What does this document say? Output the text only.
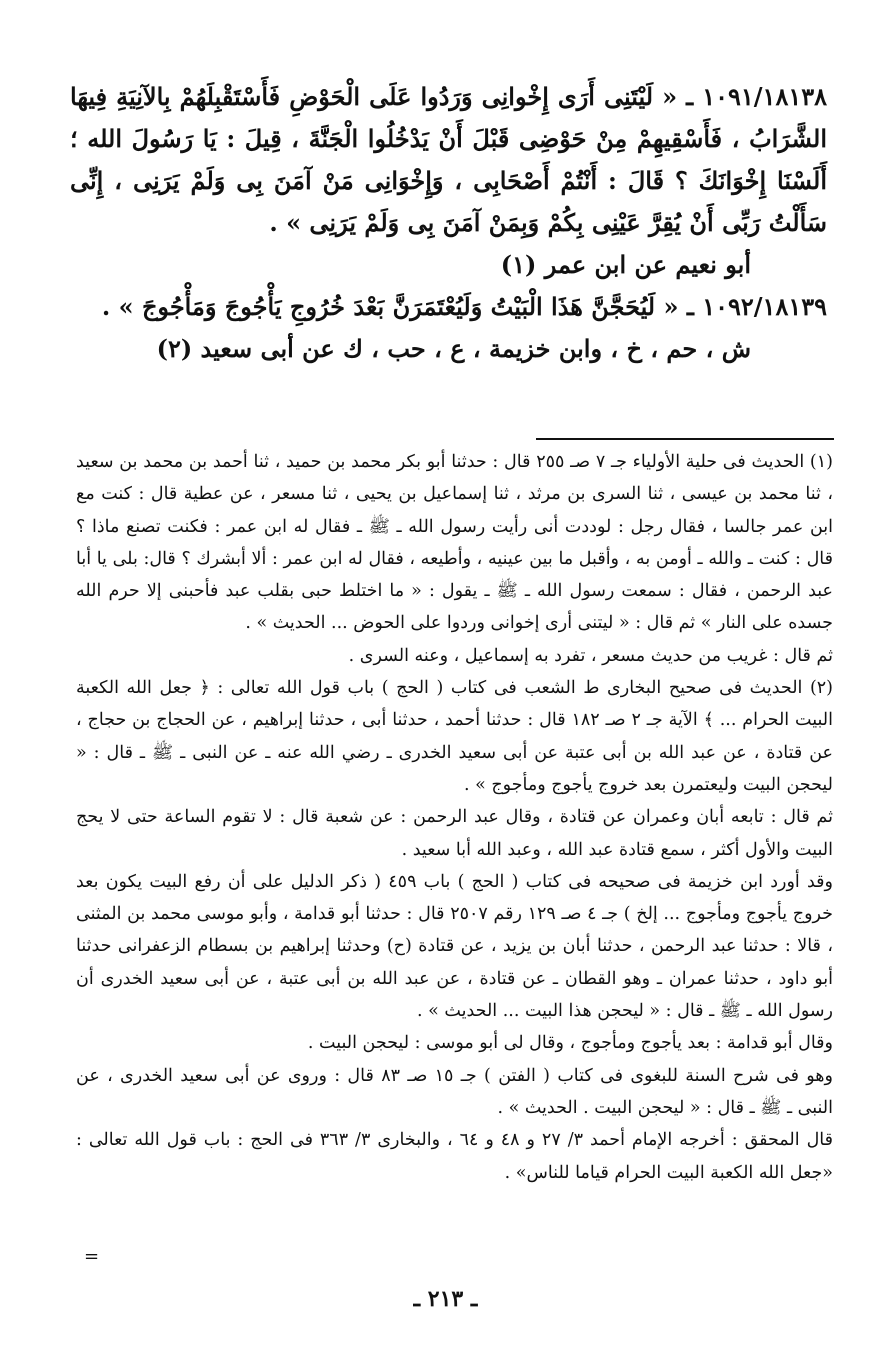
١٠٩١/١٨١٣٨ ـ « لَيْتَنِى أَرَى إِخْوانِى وَرَدُوا عَلَى الْحَوْضِ فَأَسْتَقْبِلَهُمْ بِالآنِيَةِ فِيهَا الشَّرَابُ ، فَأَسْقِيهِمْ مِنْ حَوْضِى قَبْلَ أَنْ يَدْخُلُوا الْجَنَّةَ ، قِيلَ : يَا رَسُولَ الله ؛ أَلَسْنَا إِخْوَانَكَ ؟ قَالَ : أَنْتُمْ أَصْحَابِى ، وَإِخْوَانِى مَنْ آمَنَ بِى وَلَمْ يَرَنِى ، إِنِّى سَأَلْتُ رَبِّى أَنْ يُقِرَّ عَيْنِى بِكُمْ وَبِمَنْ آمَنَ بِى وَلَمْ يَرَنِى » .

أبو نعيم عن ابن عمر (١)

١٠٩٢/١٨١٣٩ ـ « لَيُحَجَّنَّ هَذَا الْبَيْتُ وَلَيُعْتَمَرَنَّ بَعْدَ خُرُوجِ يَأْجُوجَ وَمَأْجُوجَ » .

ش ، حم ، خ ، وابن خزيمة ، ع ، حب ، ك عن أبى سعيد (٢)

(١) الحديث فى حلية الأولياء جـ ٧ صـ ٢٥٥ قال : حدثنا أبو بكر محمد بن حميد ، ثنا أحمد بن محمد بن سعيد ، ثنا محمد بن عيسى ، ثنا السرى بن مرثد ، ثنا إسماعيل بن يحيى ، ثنا مسعر ، عن عطية قال : كنت مع ابن عمر جالسا ، فقال رجل : لوددت أنى رأيت رسول الله ـ ﷺ ـ فقال له ابن عمر : فكنت تصنع ماذا ؟ قال : كنت ـ والله ـ أومن به ، وأقبل ما بين عينيه ، وأطيعه ، فقال له ابن عمر : ألا أبشرك ؟ قال: بلى يا أبا عبد الرحمن ، فقال : سمعت رسول الله ـ ﷺ ـ يقول : « ما اختلط حبى بقلب عبد فأحبنى إلا حرم الله جسده على النار » ثم قال : « ليتنى أرى إخوانى وردوا على الحوض ... الحديث » .

ثم قال : غريب من حديث مسعر ، تفرد به إسماعيل ، وعنه السرى .

(٢) الحديث فى صحيح البخارى ط الشعب فى كتاب ( الحج ) باب قول الله تعالى : ﴿ جعل الله الكعبة البيت الحرام ... ﴾ الآية جـ ٢ صـ ١٨٢ قال : حدثنا أحمد ، حدثنا أبى ، حدثنا إبراهيم ، عن الحجاج بن حجاج ، عن قتادة ، عن عبد الله بن أبى عتبة عن أبى سعيد الخدرى ـ رضي الله عنه ـ عن النبى ـ ﷺ ـ قال : « ليحجن البيت وليعتمرن بعد خروج يأجوج ومأجوج » .

ثم قال : تابعه أبان وعمران عن قتادة ، وقال عبد الرحمن : عن شعبة قال : لا تقوم الساعة حتى لا يحج البيت والأول أكثر ، سمع قتادة عبد الله ، وعبد الله أبا سعيد .

وقد أورد ابن خزيمة فى صحيحه فى كتاب ( الحج ) باب ٤٥٩ ( ذكر الدليل على أن رفع البيت يكون بعد خروج يأجوج ومأجوج ... إلخ ) جـ ٤ صـ ١٢٩ رقم ٢٥٠٧ قال : حدثنا أبو قدامة ، وأبو موسى محمد بن المثنى ، قالا : حدثنا عبد الرحمن ، حدثنا أبان بن يزيد ، عن قتادة (ح) وحدثنا إبراهيم بن بسطام الزعفرانى حدثنا أبو داود ، حدثنا عمران ـ وهو القطان ـ عن قتادة ، عن عبد الله بن أبى عتبة ، عن أبى سعيد الخدرى أن رسول الله ـ ﷺ ـ قال : « ليحجن هذا البيت ... الحديث » .

وقال أبو قدامة : بعد يأجوج ومأجوج ، وقال لى أبو موسى : ليحجن البيت .

وهو فى شرح السنة للبغوى فى كتاب ( الفتن ) جـ ١٥ صـ ٨٣ قال : وروى عن أبى سعيد الخدرى ، عن النبى ـ ﷺ ـ قال : « ليحجن البيت . الحديث » .

قال المحقق : أخرجه الإمام أحمد ٣/ ٢٧ و ٤٨ و ٦٤ ، والبخارى ٣/ ٣٦٣ فى الحج : باب قول الله تعالى : «جعل الله الكعبة البيت الحرام قياما للناس» .

=
ـ ٢١٣ ـ
